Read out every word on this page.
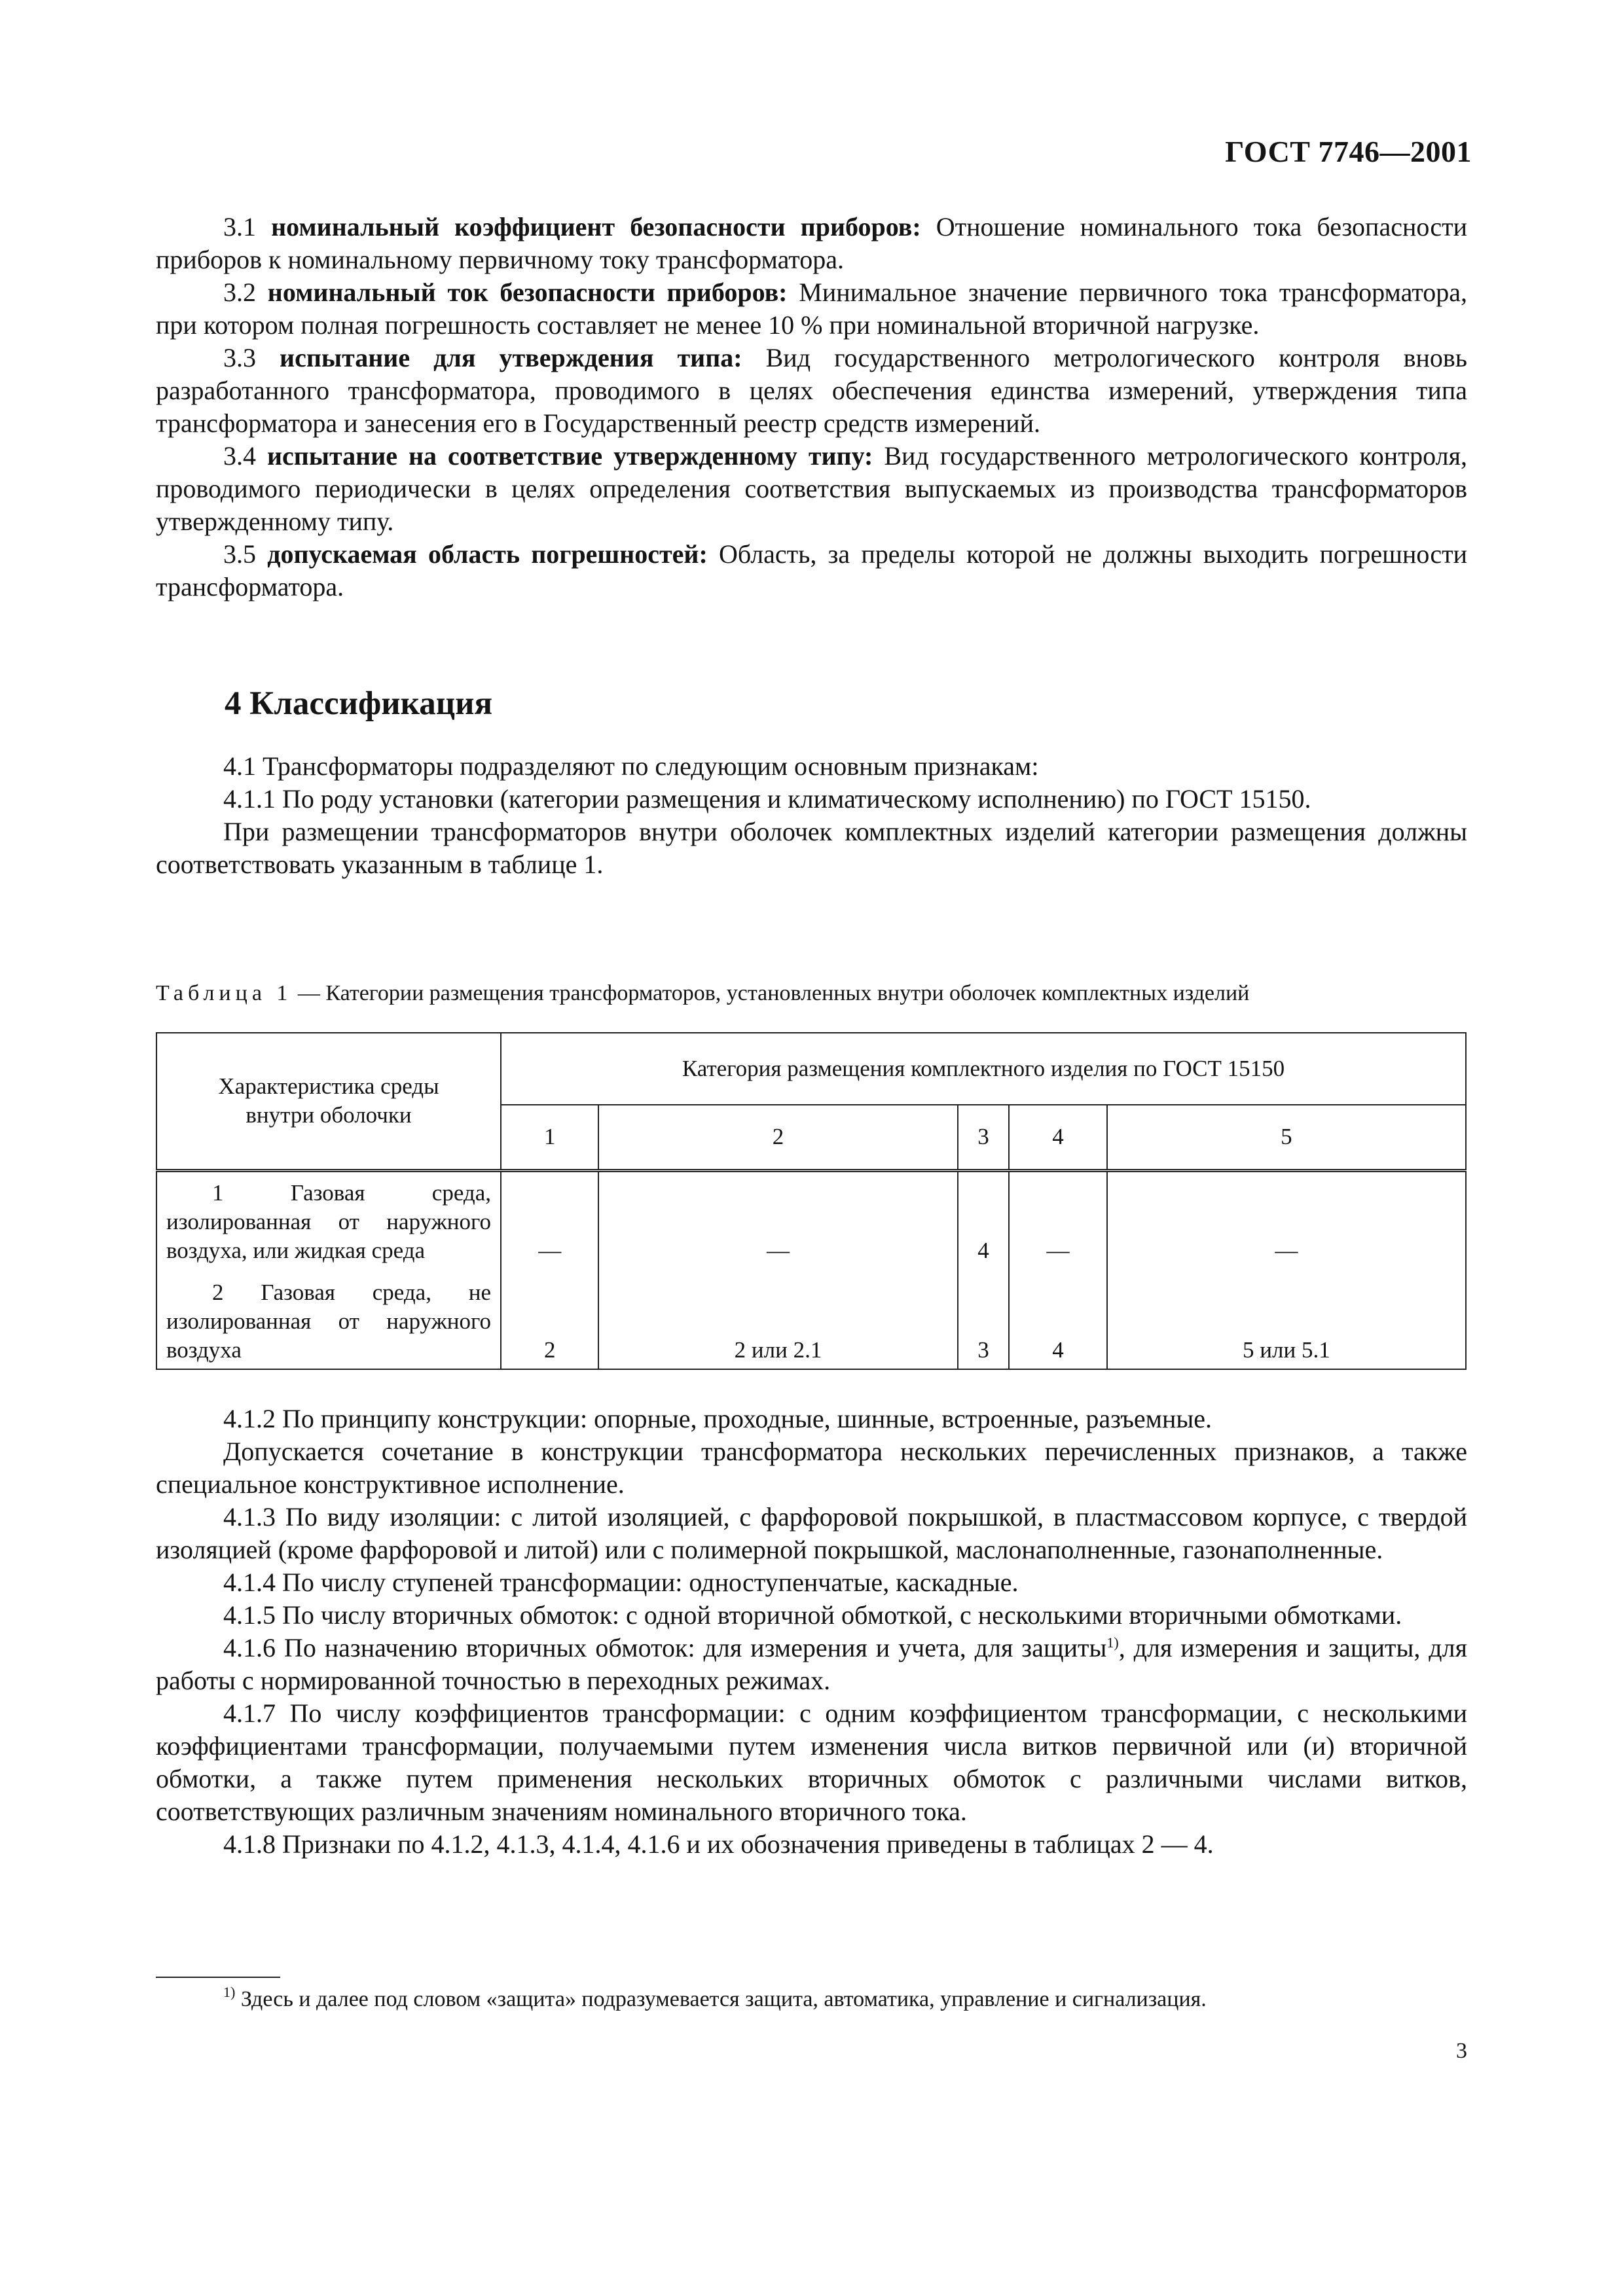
ГОСТ 7746—2001

3.1 номинальный коэффициент безопасности приборов: Отношение номинального тока безопасности приборов к номинальному первичному току трансформатора.

3.2 номинальный ток безопасности приборов: Минимальное значение первичного тока трансформатора, при котором полная погрешность составляет не менее 10 % при номинальной вторичной нагрузке.

3.3 испытание для утверждения типа: Вид государственного метрологического контроля вновь разработанного трансформатора, проводимого в целях обеспечения единства измерений, утверждения типа трансформатора и занесения его в Государственный реестр средств измерений.

3.4 испытание на соответствие утвержденному типу: Вид государственного метрологического контроля, проводимого периодически в целях определения соответствия выпускаемых из производства трансформаторов утвержденному типу.

3.5 допускаемая область погрешностей: Область, за пределы которой не должны выходить погрешности трансформатора.

4 Классификация

4.1 Трансформаторы подразделяют по следующим основным признакам:

4.1.1 По роду установки (категории размещения и климатическому исполнению) по ГОСТ 15150.

При размещении трансформаторов внутри оболочек комплектных изделий категории размещения должны соответствовать указанным в таблице 1.

Таблица 1 — Категории размещения трансформаторов, установленных внутри оболочек комплектных изделий
Характеристика среды внутри оболочки	Категория размещения комплектного изделия по ГОСТ 15150				
	1	2	3	4	5

1 Газовая среда, изолированная от наружного воздуха, или жидкая среда	—	—	4	—	—

2 Газовая среда, не изолированная от наружного воздуха	2	2 или 2.1	3	4	5 или 5.1

4.1.2 По принципу конструкции: опорные, проходные, шинные, встроенные, разъемные.

Допускается сочетание в конструкции трансформатора нескольких перечисленных признаков, а также специальное конструктивное исполнение.

4.1.3 По виду изоляции: с литой изоляцией, с фарфоровой покрышкой, в пластмассовом корпусе, с твердой изоляцией (кроме фарфоровой и литой) или с полимерной покрышкой, маслонаполненные, газонаполненные.

4.1.4 По числу ступеней трансформации: одноступенчатые, каскадные.

4.1.5 По числу вторичных обмоток: с одной вторичной обмоткой, с несколькими вторичными обмотками.

4.1.6 По назначению вторичных обмоток: для измерения и учета, для защиты$^{1)}$, для измерения и защиты, для работы с нормированной точностью в переходных режимах.

4.1.7 По числу коэффициентов трансформации: с одним коэффициентом трансформации, с несколькими коэффициентами трансформации, получаемыми путем изменения числа витков первичной или (и) вторичной обмотки, а также путем применения нескольких вторичных обмоток с различными числами витков, соответствующих различным значениям номинального вторичного тока.

4.1.8 Признаки по 4.1.2, 4.1.3, 4.1.4, 4.1.6 и их обозначения приведены в таблицах 2 — 4.

$^{1)}$ Здесь и далее под словом «защита» подразумевается защита, автоматика, управление и сигнализация.
3
